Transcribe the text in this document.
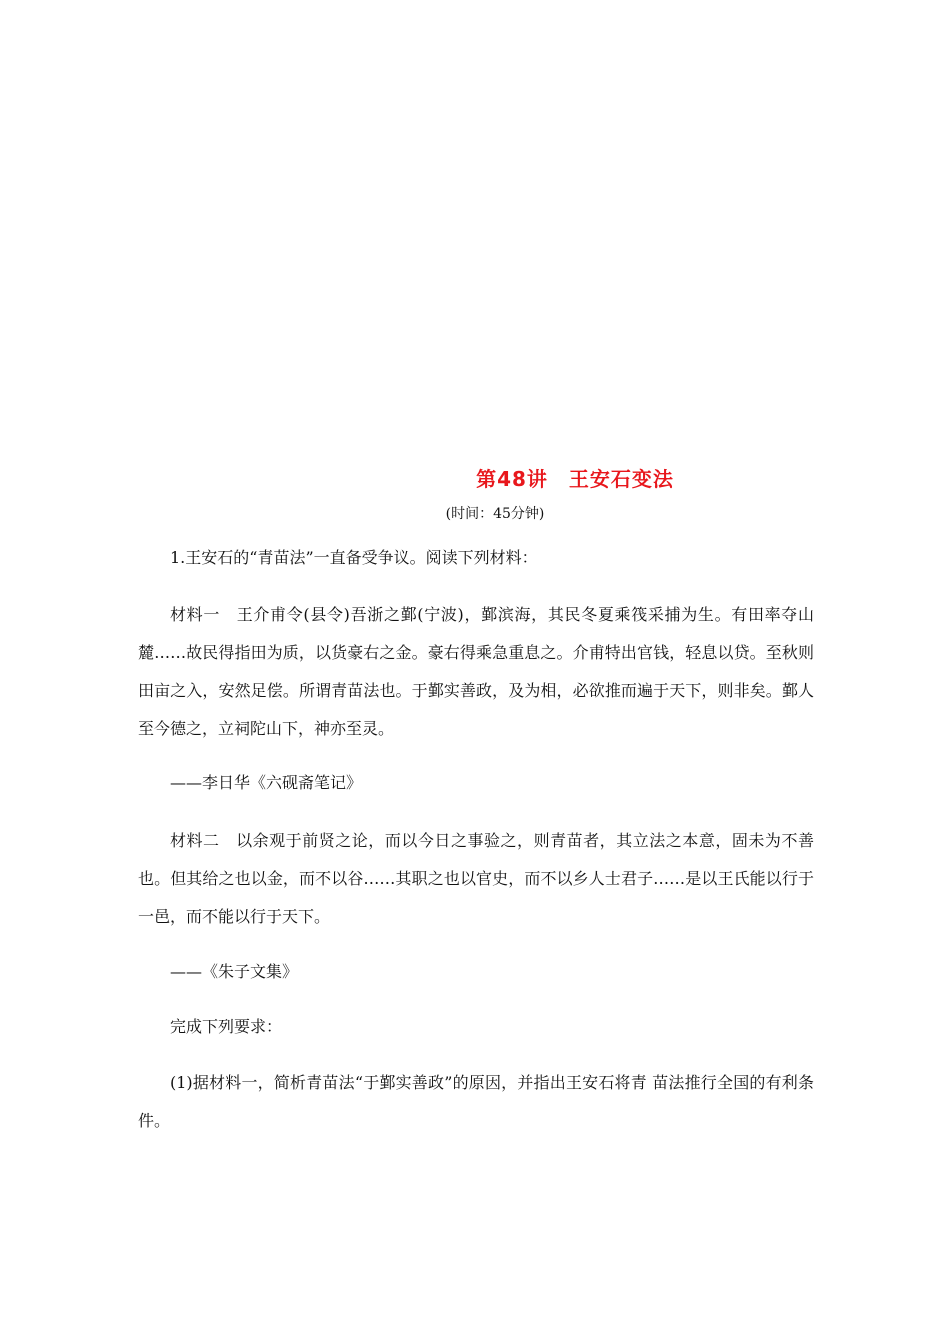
第48讲　王安石变法
(时间：45分钟)

1.王安石的“青苗法”一直备受争议。阅读下列材料：

材料一　王介甫令(县令)吾浙之鄞(宁波)，鄞滨海，其民冬夏乘筏采捕为生。有田率夺山麓……故民得指田为质，以货豪右之金。豪右得乘急重息之。介甫特出官钱，轻息以贷。至秋则田亩之入，安然足偿。所谓青苗法也。于鄞实善政，及为相，必欲推而遍于天下，则非矣。鄞人至今德之，立祠陀山下，神亦至灵。

——李日华《六砚斋笔记》

材料二　以余观于前贤之论，而以今日之事验之，则青苗者，其立法之本意，固未为不善也。但其给之也以金，而不以谷……其职之也以官史，而不以乡人士君子……是以王氏能以行于一邑，而不能以行于天下。

——《朱子文集》

完成下列要求：

(1)据材料一，简析青苗法“于鄞实善政”的原因，并指出王安石将青 苗法推行全国的有利条件。
